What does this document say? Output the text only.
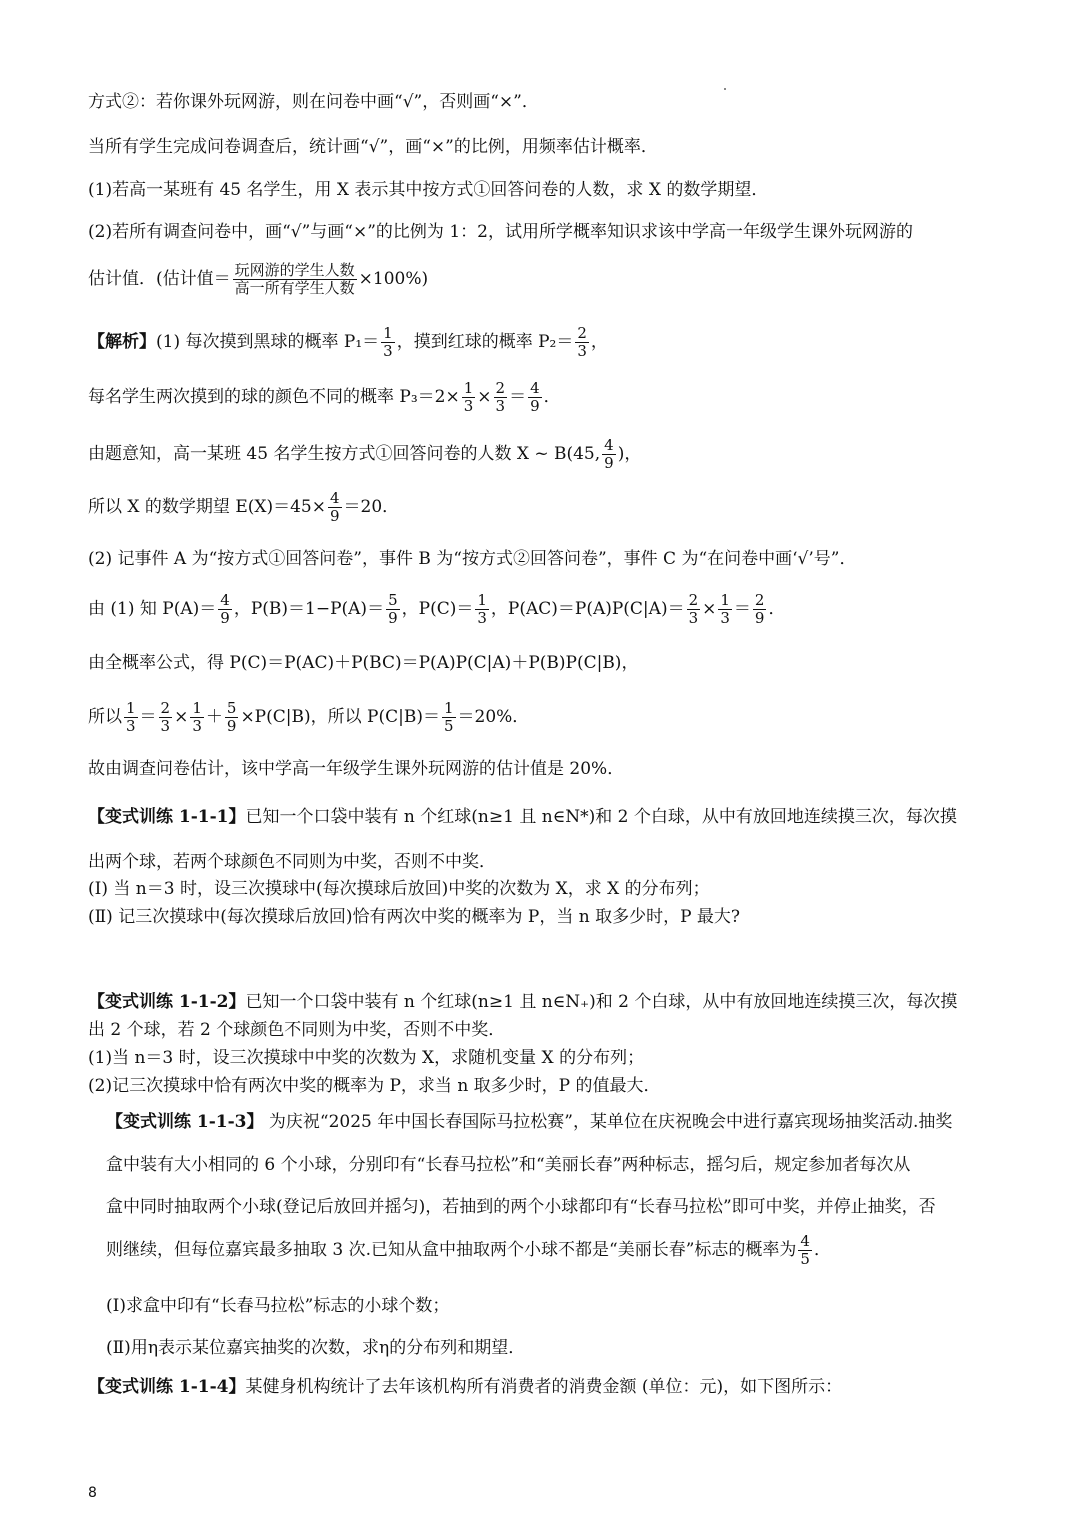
方式②：若你课外玩网游，则在问卷中画“√”，否则画“×”．
当所有学生完成问卷调查后，统计画“√”，画“×”的比例，用频率估计概率．
(1)若高一某班有 45 名学生，用 X 表示其中按方式①回答问卷的人数，求 X 的数学期望．
(2)若所有调查问卷中，画“√”与画“×”的比例为 1：2，试用所学概率知识求该中学高一年级学生课外玩网游的
估计值．(估计值＝ $\frac{\text{玩网游的学生人数}}{\text{高一所有学生人数}} \times 100\%$)
【解析】(1) 每次摸到黑球的概率 $P_1= \frac{1}{3}$ ，摸到红球的概率 $P_2= \frac{2}{3}$ ，
每名学生两次摸到的球的颜色不同的概率 $P_3=2\times \frac{1}{3} \times \frac{2}{3} = \frac{4}{9}$ ．
由题意知，高一某班 45 名学生按方式①回答问卷的人数 X ~ B(45, $\frac{4}{9}$ )，
所以 X 的数学期望 $E(X)=45\times \frac{4}{9} =20$．
(2) 记事件 A 为“按方式①回答问卷”，事件 B 为“按方式②回答问卷”，事件 C 为“在问卷中画‘√’号”．
由 (1) 知 $P(A)= \frac{4}{9}$ ，$P(B)=1-P(A)= \frac{5}{9}$ ，$P(C)= \frac{1}{3}$ ，$P(AC)=P(A)P(C|A)= \frac{2}{3} \times \frac{1}{3} = \frac{2}{9}$ ．
由全概率公式，得 P(C)＝P(AC)＋P(BC)＝P(A)P(C|A)＋P(B)P(C|B)，
所以 $\frac{1}{3} = \frac{2}{3} \times \frac{1}{3} + \frac{5}{9} \times P(C|B)$，所以 $P(C|B)= \frac{1}{5} =20\%$．
故由调查问卷估计，该中学高一年级学生课外玩网游的估计值是 20%．
【变式训练 1-1-1】已知一个口袋中装有 n 个红球(n≥1 且 n∈N*)和 2 个白球，从中有放回地连续摸三次，每次摸
出两个球，若两个球颜色不同则为中奖，否则不中奖．
(Ⅰ) 当 n＝3 时，设三次摸球中(每次摸球后放回)中奖的次数为 X，求 X 的分布列；
(Ⅱ) 记三次摸球中(每次摸球后放回)恰有两次中奖的概率为 P，当 n 取多少时，P 最大?
【变式训练 1-1-2】已知一个口袋中装有 n 个红球(n≥1 且 n∈N₊)和 2 个白球，从中有放回地连续摸三次，每次摸
出 2 个球，若 2 个球颜色不同则为中奖，否则不中奖．
(1)当 n＝3 时，设三次摸球中中奖的次数为 X，求随机变量 X 的分布列；
(2)记三次摸球中恰有两次中奖的概率为 P，求当 n 取多少时，P 的值最大．
【变式训练 1-1-3】 为庆祝“2025 年中国长春国际马拉松赛”，某单位在庆祝晚会中进行嘉宾现场抽奖活动.抽奖
盒中装有大小相同的 6 个小球，分别印有“长春马拉松”和“美丽长春”两种标志，摇匀后，规定参加者每次从
盒中同时抽取两个小球(登记后放回并摇匀)，若抽到的两个小球都印有“长春马拉松”即可中奖，并停止抽奖，否
则继续，但每位嘉宾最多抽取 3 次.已知从盒中抽取两个小球不都是“美丽长春”标志的概率为 $\frac{4}{5}$ ．
(Ⅰ)求盒中印有“长春马拉松”标志的小球个数；
(Ⅱ)用η表示某位嘉宾抽奖的次数，求η的分布列和期望．
【变式训练 1-1-4】某健身机构统计了去年该机构所有消费者的消费金额 (单位：元)，如下图所示：
8
